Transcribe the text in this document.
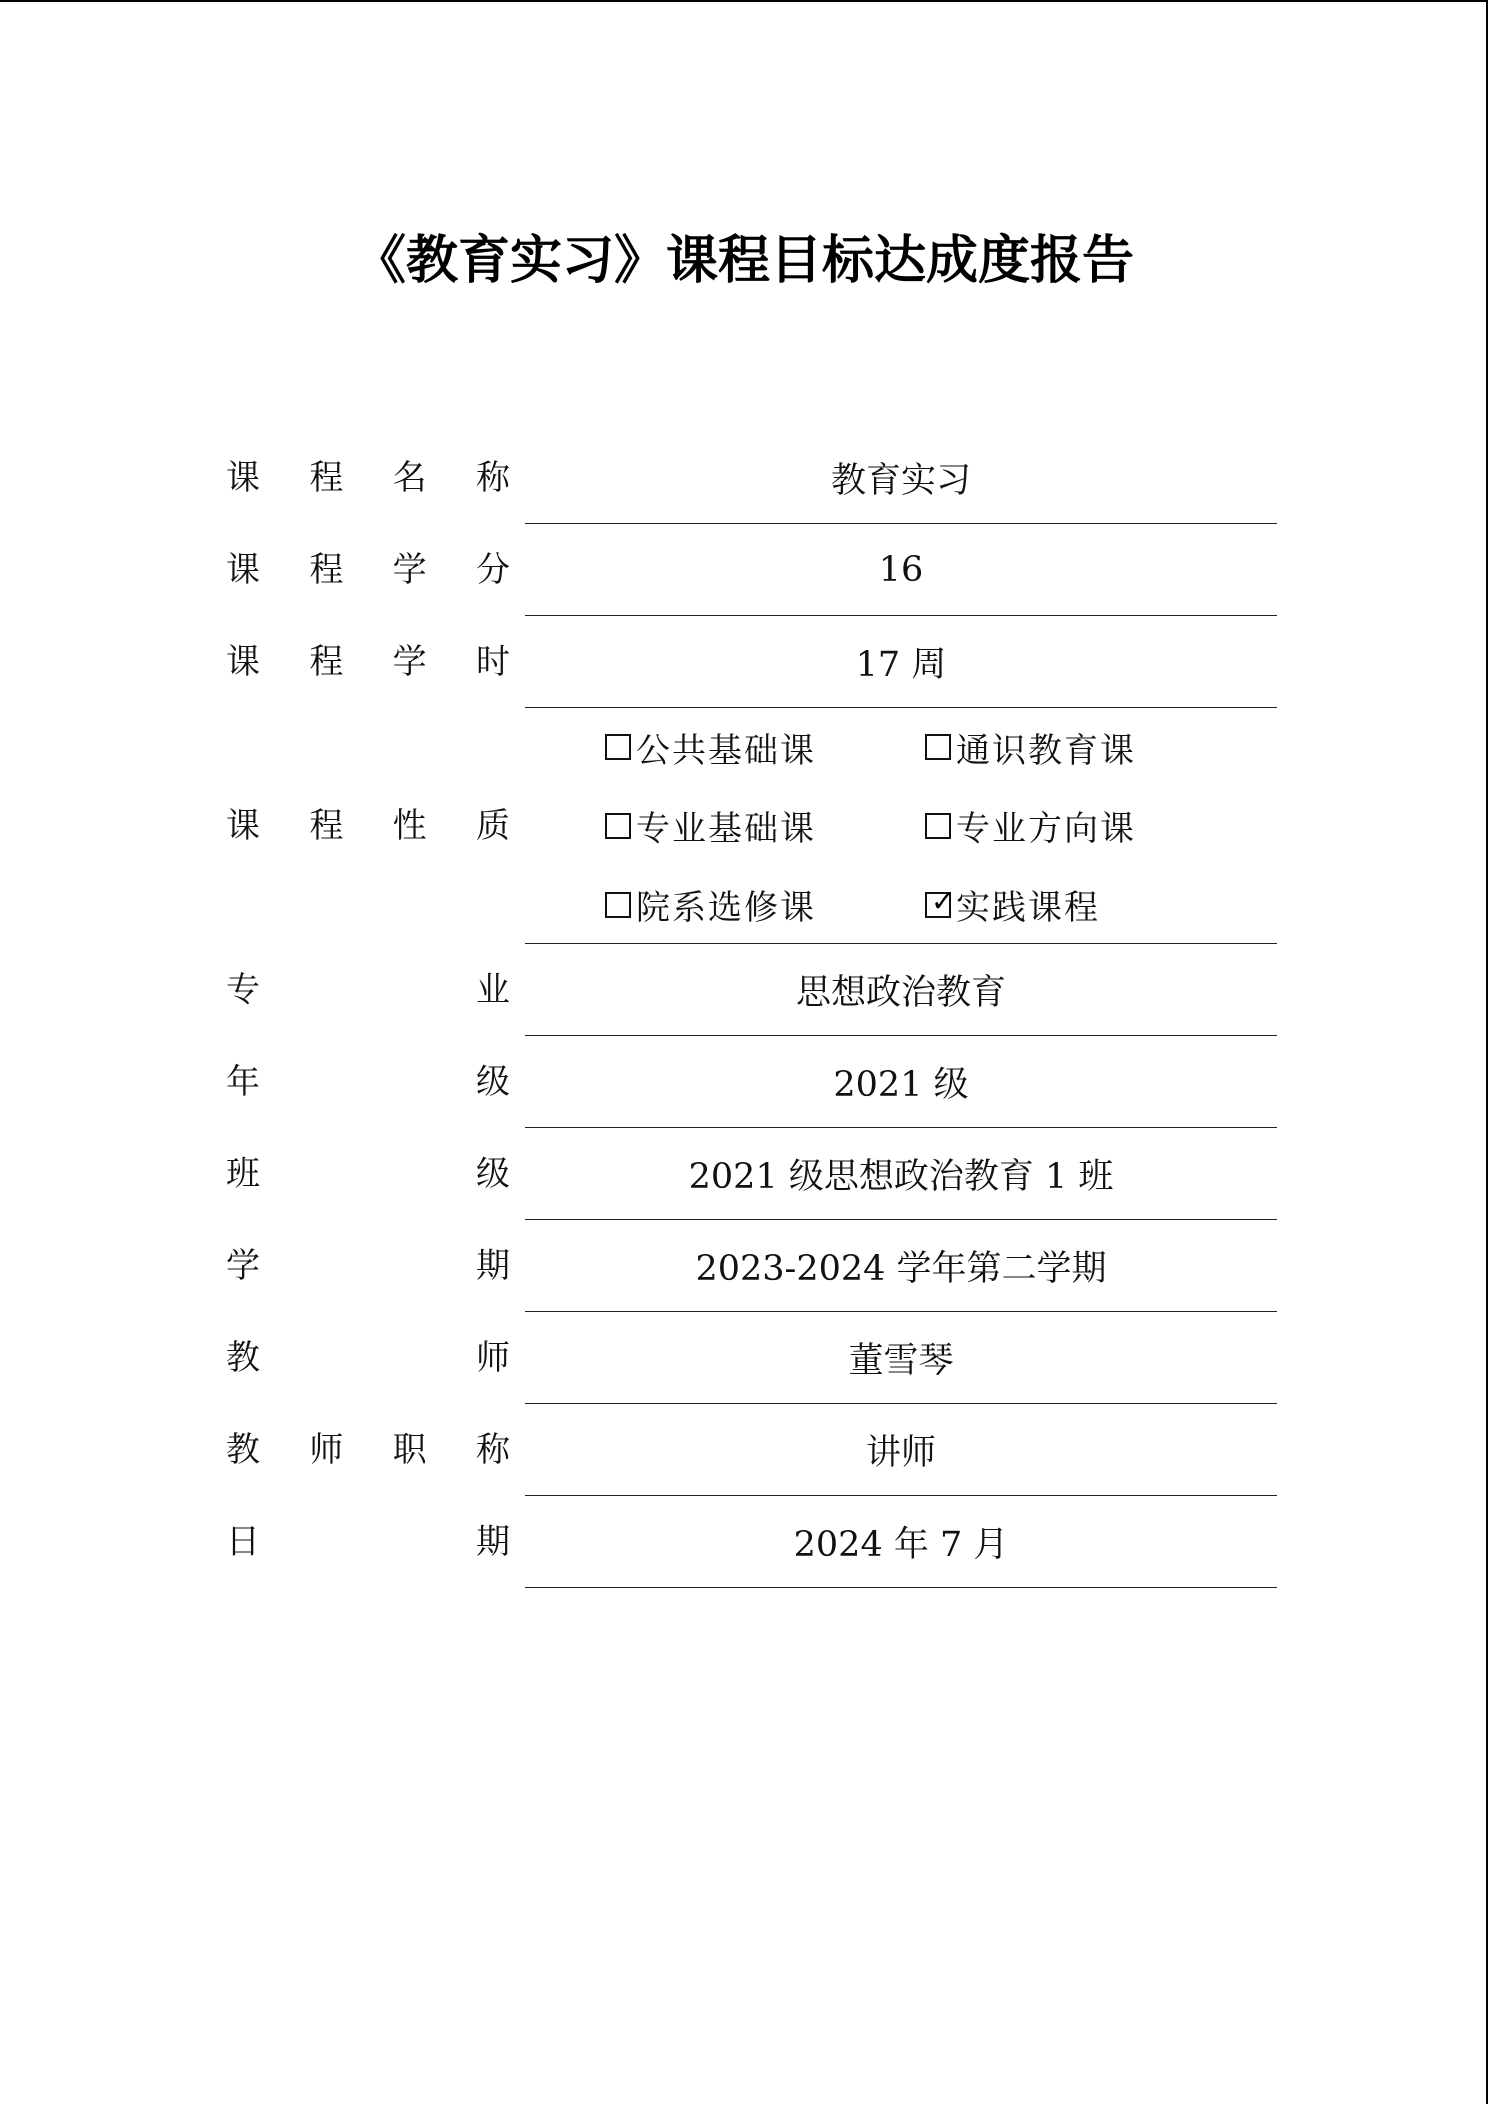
《教育实习》课程目标达成度报告
课 程 名 称	教育实习
课 程 学 分	16
课 程 学 时	17 周
课 程 性 质
公共基础课	通识教育课
专业基础课	专业方向课
院系选修课	✓ 实践课程
专	业	思想政治教育
年	级	2021 级
班	级	2021 级思想政治教育 1 班
学	期	2023-2024 学年第二学期
教	师	董雪琴
教 师 职 称	讲师
日	期	2024 年 7 月
